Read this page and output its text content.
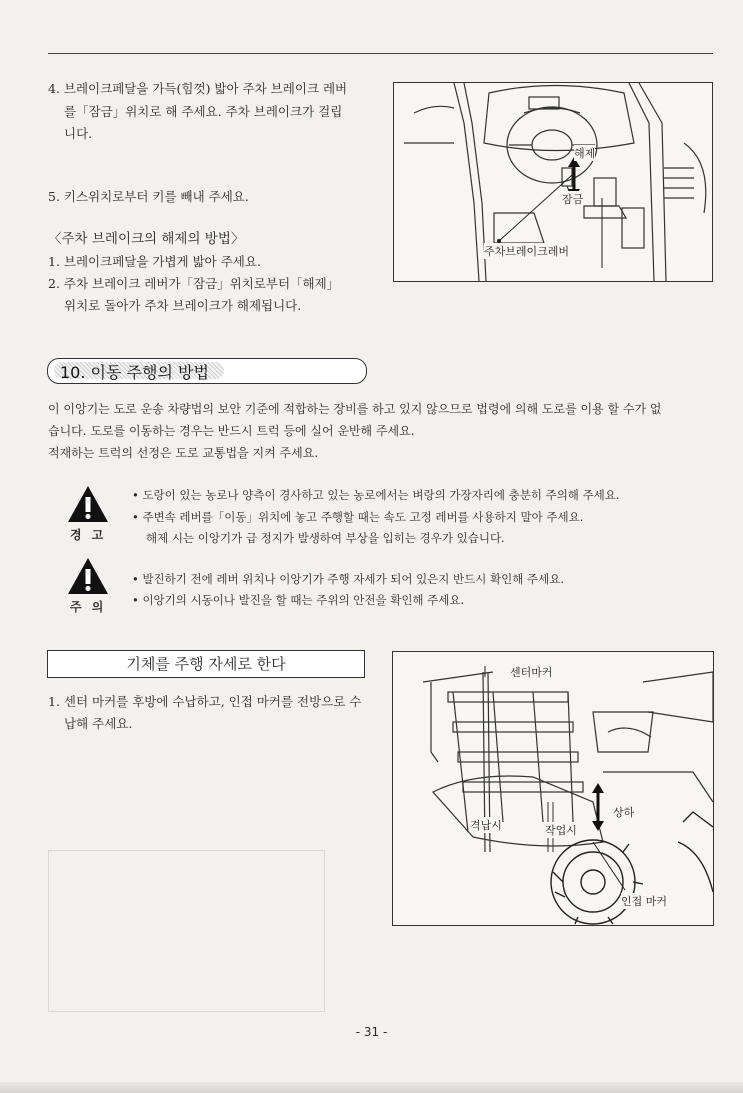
4. 브레이크페달을 가득(힘껏) 밟아 주차 브레이크 레버
를「잠금」위치로 해 주세요. 주차 브레이크가 걸립
니다.
5. 키스위치로부터 키를 빼내 주세요.
〈주차 브레이크의 해제의 방법〉
1. 브레이크페달을 가볍게 밟아 주세요.
2. 주차 브레이크 레버가「잠금」위치로부터「해제」
위치로 돌아가 주차 브레이크가 해제됩니다.
해제
잠금
주차브레이크레버
10. 이동 주행의 방법
이 이앙기는 도로 운송 차량법의 보안 기준에 적합하는 장비를 하고 있지 않으므로 법령에 의해 도로를 이용 할 수가 없
습니다. 도로를 이동하는 경우는 반드시 트럭 등에 실어 운반해 주세요.
적재하는 트럭의 선정은 도로 교통법을 지켜 주세요.
경 고
• 도랑이 있는 농로나 양측이 경사하고 있는 농로에서는 벼랑의 가장자리에 충분히 주의해 주세요.
• 주변속 레버를「이동」위치에 놓고 주행할 때는 속도 고정 레버를 사용하지 말아 주세요.
해제 시는 이앙기가 급 정지가 발생하여 부상을 입히는 경우가 있습니다.
주 의
• 발진하기 전에 레버 위치나 이앙기가 주행 자세가 되어 있은지 반드시 확인해 주세요.
• 이앙기의 시동이나 발진을 할 때는 주위의 안전을 확인해 주세요.
기체를 주행 자세로 한다
1. 센터 마커를 후방에 수납하고, 인접 마커를 전방으로 수
납해 주세요.
센터마커
상하
격납시	작업시
인접 마커
- 31 -
